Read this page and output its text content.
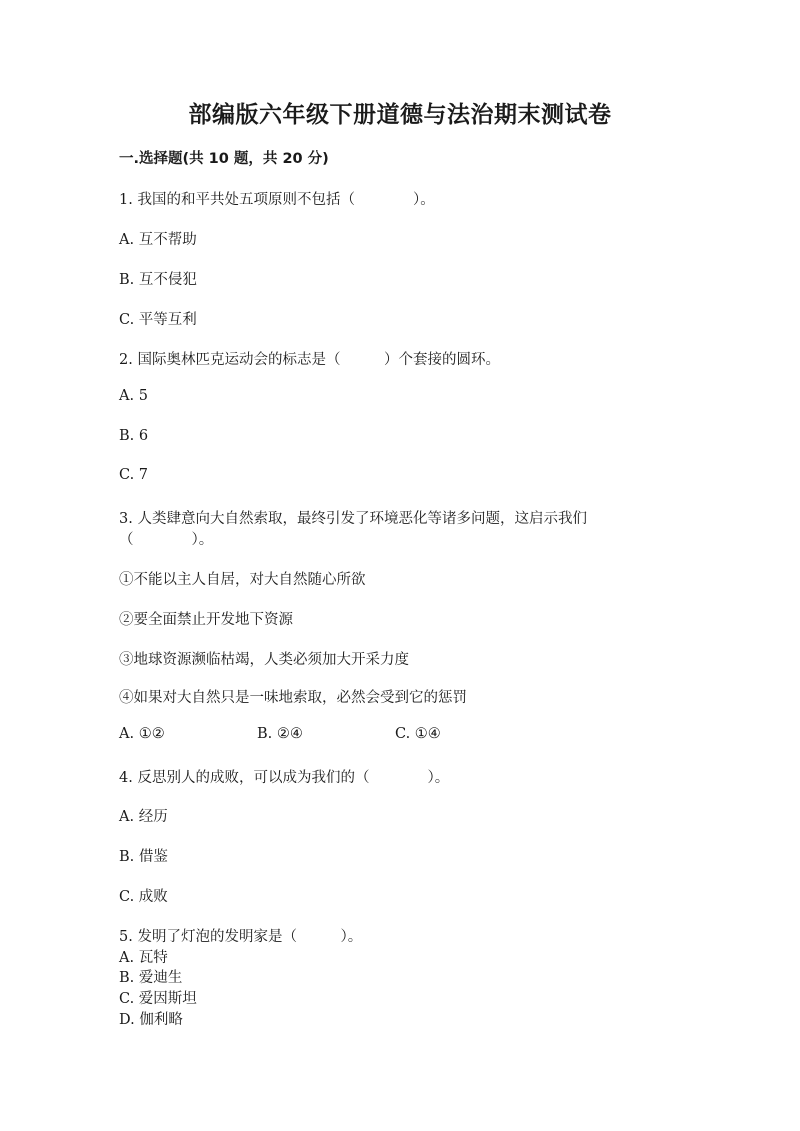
部编版六年级下册道德与法治期末测试卷
一.选择题(共 10 题，共 20 分)
1. 我国的和平共处五项原则不包括（　　　　）。
A. 互不帮助
B. 互不侵犯
C. 平等互利
2. 国际奥林匹克运动会的标志是（　　　）个套接的圆环。
A. 5
B. 6
C. 7
3. 人类肆意向大自然索取，最终引发了环境恶化等诸多问题，这启示我们
（　　　　）。
①不能以主人自居，对大自然随心所欲
②要全面禁止开发地下资源
③地球资源濒临枯竭，人类必须加大开采力度
④如果对大自然只是一味地索取，必然会受到它的惩罚
A. ①②	B. ②④	C. ①④
4. 反思别人的成败，可以成为我们的（　　　　）。
A. 经历
B. 借鉴
C. 成败
5. 发明了灯泡的发明家是（　　　）。
A. 瓦特
B. 爱迪生
C. 爱因斯坦
D. 伽利略
